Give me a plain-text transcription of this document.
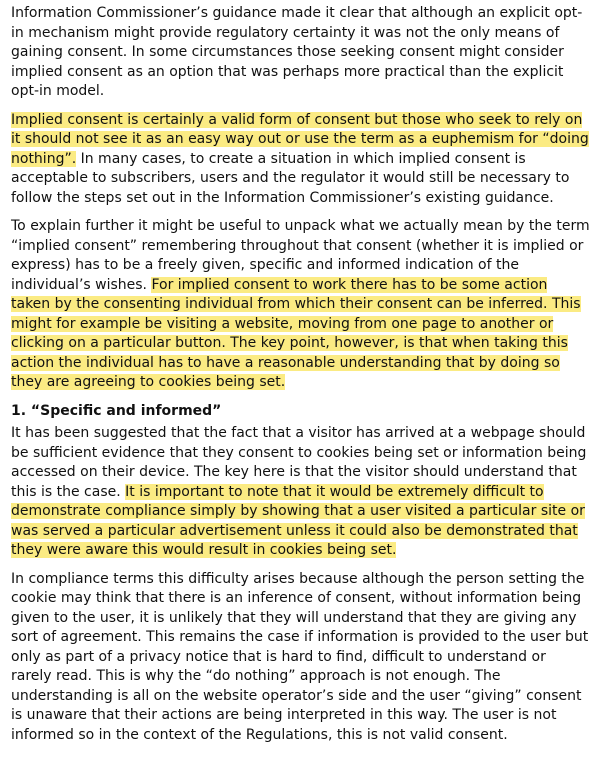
Information Commissioner’s guidance made it clear that although an explicit opt-in mechanism might provide regulatory certainty it was not the only means of gaining consent. In some circumstances those seeking consent might consider implied consent as an option that was perhaps more practical than the explicit opt-in model.

Implied consent is certainly a valid form of consent but those who seek to rely on it should not see it as an easy way out or use the term as a euphemism for “doing nothing”. In many cases, to create a situation in which implied consent is acceptable to subscribers, users and the regulator it would still be necessary to follow the steps set out in the Information Commissioner’s existing guidance.

To explain further it might be useful to unpack what we actually mean by the term “implied consent” remembering throughout that consent (whether it is implied or express) has to be a freely given, specific and informed indication of the individual’s wishes. For implied consent to work there has to be some action taken by the consenting individual from which their consent can be inferred. This might for example be visiting a website, moving from one page to another or clicking on a particular button. The key point, however, is that when taking this action the individual has to have a reasonable understanding that by doing so they are agreeing to cookies being set.

1. “Specific and informed”

It has been suggested that the fact that a visitor has arrived at a webpage should be sufficient evidence that they consent to cookies being set or information being accessed on their device. The key here is that the visitor should understand that this is the case. It is important to note that it would be extremely difficult to demonstrate compliance simply by showing that a user visited a particular site or was served a particular advertisement unless it could also be demonstrated that they were aware this would result in cookies being set.

In compliance terms this difficulty arises because although the person setting the cookie may think that there is an inference of consent, without information being given to the user, it is unlikely that they will understand that they are giving any sort of agreement. This remains the case if information is provided to the user but only as part of a privacy notice that is hard to find, difficult to understand or rarely read. This is why the “do nothing” approach is not enough. The understanding is all on the website operator’s side and the user “giving” consent is unaware that their actions are being interpreted in this way. The user is not informed so in the context of the Regulations, this is not valid consent.
